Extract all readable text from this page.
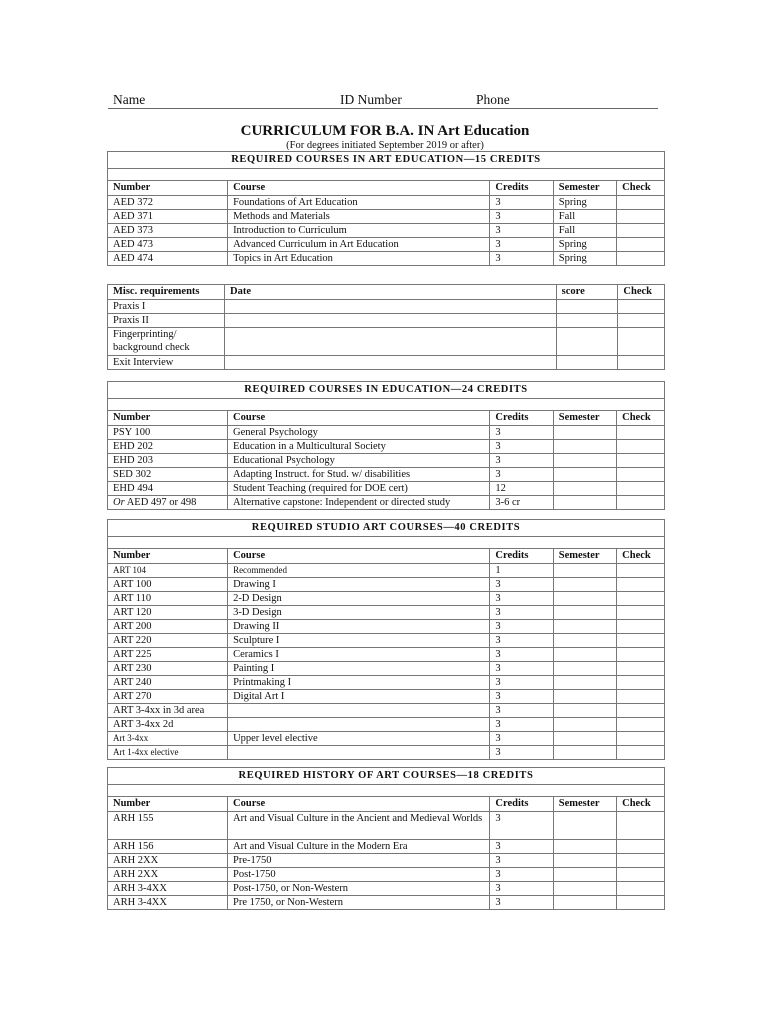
Name	ID Number	Phone
CURRICULUM FOR B.A. IN Art Education
(For degrees initiated September 2019 or after)
REQUIRED COURSES IN ART EDUCATION—15 CREDITS				

Number	Course	Credits	Semester	Check
AED 372	Foundations of Art Education	3	Spring	
AED 371	Methods and Materials	3	Fall	
AED 373	Introduction to Curriculum	3	Fall	
AED 473	Advanced Curriculum in Art Education	3	Spring	
AED 474	Topics in Art Education	3	Spring	
Misc. requirements	Date	score	Check
Praxis I			
Praxis II			
Fingerprinting/ background check			
Exit Interview			
REQUIRED COURSES IN EDUCATION—24 CREDITS				

Number	Course	Credits	Semester	Check
PSY 100	General Psychology	3		
EHD 202	Education in a Multicultural Society	3		
EHD 203	Educational Psychology	3		
SED 302	Adapting Instruct. for Stud. w/ disabilities	3		
EHD 494	Student Teaching (required for DOE cert)	12		
Or AED 497 or 498	Alternative capstone: Independent or directed study	3-6 cr		
REQUIRED STUDIO ART COURSES—40 CREDITS				

Number	Course	Credits	Semester	Check
ART 104	Recommended	1		
ART 100	Drawing I	3		
ART 110	2-D Design	3		
ART 120	3-D Design	3		
ART 200	Drawing II	3		
ART 220	Sculpture I	3		
ART 225	Ceramics I	3		
ART 230	Painting I	3		
ART 240	Printmaking I	3		
ART 270	Digital Art I	3		
ART 3-4xx in 3d area		3		
ART 3-4xx 2d		3		
Art 3-4xx	Upper level elective	3		
Art 1-4xx elective		3		
REQUIRED HISTORY OF ART COURSES—18 CREDITS				

Number	Course	Credits	Semester	Check
ARH 155	Art and Visual Culture in the Ancient and Medieval Worlds	3		
ARH 156	Art and Visual Culture in the Modern Era	3		
ARH 2XX	Pre-1750	3		
ARH 2XX	Post-1750	3		
ARH 3-4XX	Post-1750, or Non-Western	3		
ARH 3-4XX	Pre 1750, or Non-Western	3		
